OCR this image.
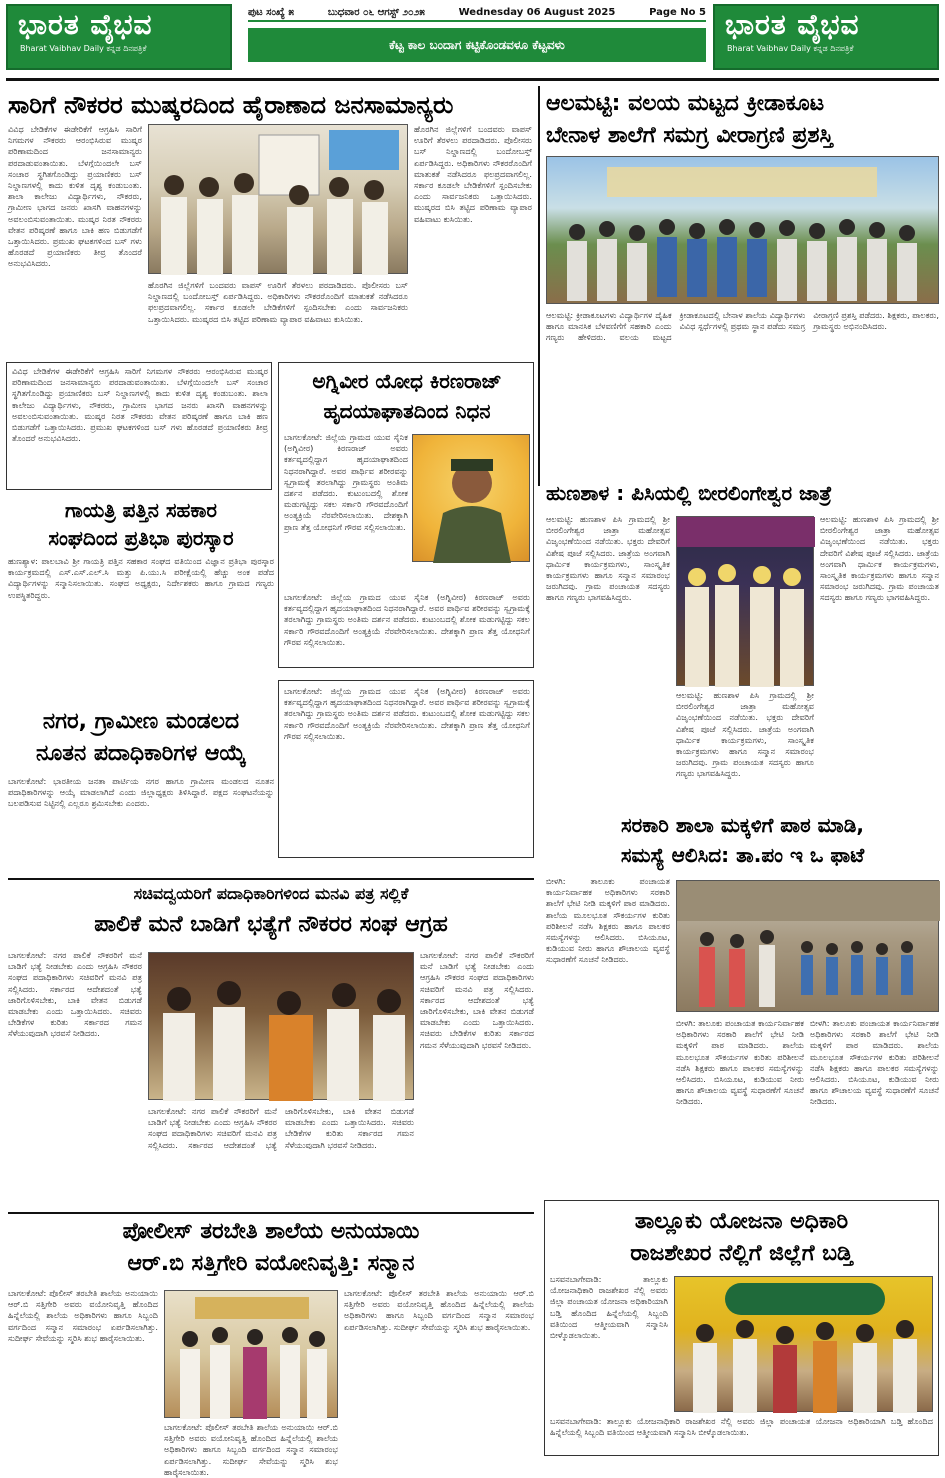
ಭಾರತ ವೈಭವ
Bharat Vaibhav Daily ಕನ್ನಡ ದಿನಪತ್ರಿಕೆ
ಪುಟ ಸಂಖ್ಯೆ ೫	ಬುಧವಾರ ೦೬ ಆಗಸ್ಟ್ ೨೦೨೫	Wednesday 06 August 2025	Page No 5
ಕೆಟ್ಟ ಕಾಲ ಬಂದಾಗ ಕಟ್ಟಿಕೊಂಡವಳೂ ಕೆಟ್ಟವಳು
ಭಾರತ ವೈಭವ
Bharat Vaibhav Daily ಕನ್ನಡ ದಿನಪತ್ರಿಕೆ
ಸಾರಿಗೆ ನೌಕರರ ಮುಷ್ಕರದಿಂದ ಹೈರಾಣಾದ ಜನಸಾಮಾನ್ಯರು
ವಿವಿಧ ಬೇಡಿಕೆಗಳ ಈಡೇರಿಕೆಗೆ ಆಗ್ರಹಿಸಿ ಸಾರಿಗೆ ನಿಗಮಗಳ ನೌಕರರು ಆರಂಭಿಸಿರುವ ಮುಷ್ಕರ ಪರಿಣಾಮದಿಂದ ಜನಸಾಮಾನ್ಯರು ಪರದಾಡುವಂತಾಯಿತು. ಬೆಳಗ್ಗೆಯಿಂದಲೇ ಬಸ್ ಸಂಚಾರ ಸ್ಥಗಿತಗೊಂಡಿದ್ದು ಪ್ರಯಾಣಿಕರು ಬಸ್ ನಿಲ್ದಾಣಗಳಲ್ಲಿ ಕಾದು ಕುಳಿತ ದೃಶ್ಯ ಕಂಡುಬಂತು. ಶಾಲಾ ಕಾಲೇಜು ವಿದ್ಯಾರ್ಥಿಗಳು, ನೌಕರರು, ಗ್ರಾಮೀಣ ಭಾಗದ ಜನರು ಖಾಸಗಿ ವಾಹನಗಳನ್ನು ಅವಲಂಬಿಸುವಂತಾಯಿತು. ಮುಷ್ಕರ ನಿರತ ನೌಕರರು ವೇತನ ಪರಿಷ್ಕರಣೆ ಹಾಗೂ ಬಾಕಿ ಹಣ ಬಿಡುಗಡೆಗೆ ಒತ್ತಾಯಿಸಿದರು. ಪ್ರಮುಖ ಘಟಕಗಳಿಂದ ಬಸ್ ಗಳು ಹೊರಡದೆ ಪ್ರಯಾಣಿಕರು ತೀವ್ರ ತೊಂದರೆ ಅನುಭವಿಸಿದರು.
ಹೊರಗಿನ ಜಿಲ್ಲೆಗಳಿಗೆ ಬಂದವರು ವಾಪಸ್ ಊರಿಗೆ ತೆರಳಲು ಪರದಾಡಿದರು. ಪೊಲೀಸರು ಬಸ್ ನಿಲ್ದಾಣದಲ್ಲಿ ಬಂದೋಬಸ್ತ್ ಏರ್ಪಡಿಸಿದ್ದರು. ಅಧಿಕಾರಿಗಳು ನೌಕರರೊಂದಿಗೆ ಮಾತುಕತೆ ನಡೆಸಿದರೂ ಫಲಪ್ರದವಾಗಲಿಲ್ಲ. ಸರ್ಕಾರ ಕೂಡಲೇ ಬೇಡಿಕೆಗಳಿಗೆ ಸ್ಪಂದಿಸಬೇಕು ಎಂದು ಸಾರ್ವಜನಿಕರು ಒತ್ತಾಯಿಸಿದರು. ಮುಷ್ಕರದ ಬಿಸಿ ತಟ್ಟಿದ ಪರಿಣಾಮ ವ್ಯಾಪಾರ ವಹಿವಾಟು ಕುಸಿಯಿತು.
ಹೊರಗಿನ ಜಿಲ್ಲೆಗಳಿಗೆ ಬಂದವರು ವಾಪಸ್ ಊರಿಗೆ ತೆರಳಲು ಪರದಾಡಿದರು. ಪೊಲೀಸರು ಬಸ್ ನಿಲ್ದಾಣದಲ್ಲಿ ಬಂದೋಬಸ್ತ್ ಏರ್ಪಡಿಸಿದ್ದರು. ಅಧಿಕಾರಿಗಳು ನೌಕರರೊಂದಿಗೆ ಮಾತುಕತೆ ನಡೆಸಿದರೂ ಫಲಪ್ರದವಾಗಲಿಲ್ಲ. ಸರ್ಕಾರ ಕೂಡಲೇ ಬೇಡಿಕೆಗಳಿಗೆ ಸ್ಪಂದಿಸಬೇಕು ಎಂದು ಸಾರ್ವಜನಿಕರು ಒತ್ತಾಯಿಸಿದರು. ಮುಷ್ಕರದ ಬಿಸಿ ತಟ್ಟಿದ ಪರಿಣಾಮ ವ್ಯಾಪಾರ ವಹಿವಾಟು ಕುಸಿಯಿತು.
ಆಲಮಟ್ಟಿ: ವಲಯ ಮಟ್ಟದ ಕ್ರೀಡಾಕೂಟ
ಬೇನಾಳ ಶಾಲೆಗೆ ಸಮಗ್ರ ವೀರಾಗ್ರಣಿ ಪ್ರಶಸ್ತಿ
ಆಲಮಟ್ಟಿ: ಕ್ರೀಡಾಕೂಟಗಳು ವಿದ್ಯಾರ್ಥಿಗಳ ದೈಹಿಕ ಹಾಗೂ ಮಾನಸಿಕ ಬೆಳವಣಿಗೆಗೆ ಸಹಕಾರಿ ಎಂದು ಗಣ್ಯರು ಹೇಳಿದರು. ವಲಯ ಮಟ್ಟದ ಕ್ರೀಡಾಕೂಟದಲ್ಲಿ ಬೇನಾಳ ಶಾಲೆಯ ವಿದ್ಯಾರ್ಥಿಗಳು ವಿವಿಧ ಸ್ಪರ್ಧೆಗಳಲ್ಲಿ ಪ್ರಥಮ ಸ್ಥಾನ ಪಡೆದು ಸಮಗ್ರ ವೀರಾಗ್ರಣಿ ಪ್ರಶಸ್ತಿ ಪಡೆದರು. ಶಿಕ್ಷಕರು, ಪಾಲಕರು, ಗ್ರಾಮಸ್ಥರು ಅಭಿನಂದಿಸಿದರು.
ಅಗ್ನಿವೀರ ಯೋಧ ಕಿರಣರಾಜ್
ಹೃದಯಾಘಾತದಿಂದ ನಿಧನ
ಬಾಗಲಕೋಟೆ: ಜಿಲ್ಲೆಯ ಗ್ರಾಮದ ಯುವ ಸೈನಿಕ (ಅಗ್ನಿವೀರ) ಕಿರಣರಾಜ್ ಅವರು ಕರ್ತವ್ಯದಲ್ಲಿದ್ದಾಗ ಹೃದಯಾಘಾತದಿಂದ ನಿಧನರಾಗಿದ್ದಾರೆ. ಅವರ ಪಾರ್ಥಿವ ಶರೀರವನ್ನು ಸ್ವಗ್ರಾಮಕ್ಕೆ ತರಲಾಗಿದ್ದು ಗ್ರಾಮಸ್ಥರು ಅಂತಿಮ ದರ್ಶನ ಪಡೆದರು. ಕುಟುಂಬದಲ್ಲಿ ಶೋಕ ಮಡುಗಟ್ಟಿದ್ದು ಸಕಲ ಸರ್ಕಾರಿ ಗೌರವದೊಂದಿಗೆ ಅಂತ್ಯಕ್ರಿಯೆ ನೆರವೇರಿಸಲಾಯಿತು. ದೇಶಕ್ಕಾಗಿ ಪ್ರಾಣ ತೆತ್ತ ಯೋಧನಿಗೆ ಗೌರವ ಸಲ್ಲಿಸಲಾಯಿತು.
ಬಾಗಲಕೋಟೆ: ಜಿಲ್ಲೆಯ ಗ್ರಾಮದ ಯುವ ಸೈನಿಕ (ಅಗ್ನಿವೀರ) ಕಿರಣರಾಜ್ ಅವರು ಕರ್ತವ್ಯದಲ್ಲಿದ್ದಾಗ ಹೃದಯಾಘಾತದಿಂದ ನಿಧನರಾಗಿದ್ದಾರೆ. ಅವರ ಪಾರ್ಥಿವ ಶರೀರವನ್ನು ಸ್ವಗ್ರಾಮಕ್ಕೆ ತರಲಾಗಿದ್ದು ಗ್ರಾಮಸ್ಥರು ಅಂತಿಮ ದರ್ಶನ ಪಡೆದರು. ಕುಟುಂಬದಲ್ಲಿ ಶೋಕ ಮಡುಗಟ್ಟಿದ್ದು ಸಕಲ ಸರ್ಕಾರಿ ಗೌರವದೊಂದಿಗೆ ಅಂತ್ಯಕ್ರಿಯೆ ನೆರವೇರಿಸಲಾಯಿತು. ದೇಶಕ್ಕಾಗಿ ಪ್ರಾಣ ತೆತ್ತ ಯೋಧನಿಗೆ ಗೌರವ ಸಲ್ಲಿಸಲಾಯಿತು.
ವಿವಿಧ ಬೇಡಿಕೆಗಳ ಈಡೇರಿಕೆಗೆ ಆಗ್ರಹಿಸಿ ಸಾರಿಗೆ ನಿಗಮಗಳ ನೌಕರರು ಆರಂಭಿಸಿರುವ ಮುಷ್ಕರ ಪರಿಣಾಮದಿಂದ ಜನಸಾಮಾನ್ಯರು ಪರದಾಡುವಂತಾಯಿತು. ಬೆಳಗ್ಗೆಯಿಂದಲೇ ಬಸ್ ಸಂಚಾರ ಸ್ಥಗಿತಗೊಂಡಿದ್ದು ಪ್ರಯಾಣಿಕರು ಬಸ್ ನಿಲ್ದಾಣಗಳಲ್ಲಿ ಕಾದು ಕುಳಿತ ದೃಶ್ಯ ಕಂಡುಬಂತು. ಶಾಲಾ ಕಾಲೇಜು ವಿದ್ಯಾರ್ಥಿಗಳು, ನೌಕರರು, ಗ್ರಾಮೀಣ ಭಾಗದ ಜನರು ಖಾಸಗಿ ವಾಹನಗಳನ್ನು ಅವಲಂಬಿಸುವಂತಾಯಿತು. ಮುಷ್ಕರ ನಿರತ ನೌಕರರು ವೇತನ ಪರಿಷ್ಕರಣೆ ಹಾಗೂ ಬಾಕಿ ಹಣ ಬಿಡುಗಡೆಗೆ ಒತ್ತಾಯಿಸಿದರು. ಪ್ರಮುಖ ಘಟಕಗಳಿಂದ ಬಸ್ ಗಳು ಹೊರಡದೆ ಪ್ರಯಾಣಿಕರು ತೀವ್ರ ತೊಂದರೆ ಅನುಭವಿಸಿದರು.
ಗಾಯತ್ರಿ ಪತ್ತಿನ ಸಹಕಾರ
ಸಂಘದಿಂದ ಪ್ರತಿಭಾ ಪುರಸ್ಕಾರ
ಹುಣಶ್ಯಾಳ: ಪಾಲಬಾವಿ ಶ್ರೀ ಗಾಯತ್ರಿ ಪತ್ತಿನ ಸಹಕಾರ ಸಂಘದ ವತಿಯಿಂದ ವಿಜ್ಞಾನ ಪ್ರತಿಭಾ ಪುರಸ್ಕಾರ ಕಾರ್ಯಕ್ರಮದಲ್ಲಿ ಎಸ್.ಎಸ್.ಎಲ್.ಸಿ ಮತ್ತು ಪಿ.ಯು.ಸಿ ಪರೀಕ್ಷೆಯಲ್ಲಿ ಹೆಚ್ಚು ಅಂಕ ಪಡೆದ ವಿದ್ಯಾರ್ಥಿಗಳನ್ನು ಸನ್ಮಾನಿಸಲಾಯಿತು. ಸಂಘದ ಅಧ್ಯಕ್ಷರು, ನಿರ್ದೇಶಕರು ಹಾಗೂ ಗ್ರಾಮದ ಗಣ್ಯರು ಉಪಸ್ಥಿತರಿದ್ದರು.
ಹುಣಶಾಳ : ಪಿಸಿಯಲ್ಲಿ ಬೀರಲಿಂಗೇಶ್ವರ ಜಾತ್ರೆ
ಆಲಮಟ್ಟಿ: ಹುಣಶಾಳ ಪಿಸಿ ಗ್ರಾಮದಲ್ಲಿ ಶ್ರೀ ಬೀರಲಿಂಗೇಶ್ವರ ಜಾತ್ರಾ ಮಹೋತ್ಸವ ವಿಜೃಂಭಣೆಯಿಂದ ನಡೆಯಿತು. ಭಕ್ತರು ದೇವರಿಗೆ ವಿಶೇಷ ಪೂಜೆ ಸಲ್ಲಿಸಿದರು. ಜಾತ್ರೆಯ ಅಂಗವಾಗಿ ಧಾರ್ಮಿಕ ಕಾರ್ಯಕ್ರಮಗಳು, ಸಾಂಸ್ಕೃತಿಕ ಕಾರ್ಯಕ್ರಮಗಳು ಹಾಗೂ ಸನ್ಮಾನ ಸಮಾರಂಭ ಜರುಗಿದವು. ಗ್ರಾಮ ಪಂಚಾಯತ ಸದಸ್ಯರು ಹಾಗೂ ಗಣ್ಯರು ಭಾಗವಹಿಸಿದ್ದರು.
ಆಲಮಟ್ಟಿ: ಹುಣಶಾಳ ಪಿಸಿ ಗ್ರಾಮದಲ್ಲಿ ಶ್ರೀ ಬೀರಲಿಂಗೇಶ್ವರ ಜಾತ್ರಾ ಮಹೋತ್ಸವ ವಿಜೃಂಭಣೆಯಿಂದ ನಡೆಯಿತು. ಭಕ್ತರು ದೇವರಿಗೆ ವಿಶೇಷ ಪೂಜೆ ಸಲ್ಲಿಸಿದರು. ಜಾತ್ರೆಯ ಅಂಗವಾಗಿ ಧಾರ್ಮಿಕ ಕಾರ್ಯಕ್ರಮಗಳು, ಸಾಂಸ್ಕೃತಿಕ ಕಾರ್ಯಕ್ರಮಗಳು ಹಾಗೂ ಸನ್ಮಾನ ಸಮಾರಂಭ ಜರುಗಿದವು. ಗ್ರಾಮ ಪಂಚಾಯತ ಸದಸ್ಯರು ಹಾಗೂ ಗಣ್ಯರು ಭಾಗವಹಿಸಿದ್ದರು.
ಆಲಮಟ್ಟಿ: ಹುಣಶಾಳ ಪಿಸಿ ಗ್ರಾಮದಲ್ಲಿ ಶ್ರೀ ಬೀರಲಿಂಗೇಶ್ವರ ಜಾತ್ರಾ ಮಹೋತ್ಸವ ವಿಜೃಂಭಣೆಯಿಂದ ನಡೆಯಿತು. ಭಕ್ತರು ದೇವರಿಗೆ ವಿಶೇಷ ಪೂಜೆ ಸಲ್ಲಿಸಿದರು. ಜಾತ್ರೆಯ ಅಂಗವಾಗಿ ಧಾರ್ಮಿಕ ಕಾರ್ಯಕ್ರಮಗಳು, ಸಾಂಸ್ಕೃತಿಕ ಕಾರ್ಯಕ್ರಮಗಳು ಹಾಗೂ ಸನ್ಮಾನ ಸಮಾರಂಭ ಜರುಗಿದವು. ಗ್ರಾಮ ಪಂಚಾಯತ ಸದಸ್ಯರು ಹಾಗೂ ಗಣ್ಯರು ಭಾಗವಹಿಸಿದ್ದರು.
ಬಾಗಲಕೋಟೆ: ಜಿಲ್ಲೆಯ ಗ್ರಾಮದ ಯುವ ಸೈನಿಕ (ಅಗ್ನಿವೀರ) ಕಿರಣರಾಜ್ ಅವರು ಕರ್ತವ್ಯದಲ್ಲಿದ್ದಾಗ ಹೃದಯಾಘಾತದಿಂದ ನಿಧನರಾಗಿದ್ದಾರೆ. ಅವರ ಪಾರ್ಥಿವ ಶರೀರವನ್ನು ಸ್ವಗ್ರಾಮಕ್ಕೆ ತರಲಾಗಿದ್ದು ಗ್ರಾಮಸ್ಥರು ಅಂತಿಮ ದರ್ಶನ ಪಡೆದರು. ಕುಟುಂಬದಲ್ಲಿ ಶೋಕ ಮಡುಗಟ್ಟಿದ್ದು ಸಕಲ ಸರ್ಕಾರಿ ಗೌರವದೊಂದಿಗೆ ಅಂತ್ಯಕ್ರಿಯೆ ನೆರವೇರಿಸಲಾಯಿತು. ದೇಶಕ್ಕಾಗಿ ಪ್ರಾಣ ತೆತ್ತ ಯೋಧನಿಗೆ ಗೌರವ ಸಲ್ಲಿಸಲಾಯಿತು.
ನಗರ, ಗ್ರಾಮೀಣ ಮಂಡಲದ
ನೂತನ ಪದಾಧಿಕಾರಿಗಳ ಆಯ್ಕೆ
ಬಾಗಲಕೋಟೆ: ಭಾರತೀಯ ಜನತಾ ಪಾರ್ಟಿಯ ನಗರ ಹಾಗೂ ಗ್ರಾಮೀಣ ಮಂಡಲದ ನೂತನ ಪದಾಧಿಕಾರಿಗಳನ್ನು ಆಯ್ಕೆ ಮಾಡಲಾಗಿದೆ ಎಂದು ಜಿಲ್ಲಾಧ್ಯಕ್ಷರು ತಿಳಿಸಿದ್ದಾರೆ. ಪಕ್ಷದ ಸಂಘಟನೆಯನ್ನು ಬಲಪಡಿಸುವ ನಿಟ್ಟಿನಲ್ಲಿ ಎಲ್ಲರೂ ಶ್ರಮಿಸಬೇಕು ಎಂದರು.
ಸರಕಾರಿ ಶಾಲಾ ಮಕ್ಕಳಿಗೆ ಪಾಠ ಮಾಡಿ,
ಸಮಸ್ಯೆ ಆಲಿಸಿದ: ತಾ.ಪಂ ಇ ಒ ಫಾಟೆ
ಬೀಳಗಿ: ತಾಲೂಕು ಪಂಚಾಯತ ಕಾರ್ಯನಿರ್ವಾಹಕ ಅಧಿಕಾರಿಗಳು ಸರಕಾರಿ ಶಾಲೆಗೆ ಭೇಟಿ ನೀಡಿ ಮಕ್ಕಳಿಗೆ ಪಾಠ ಮಾಡಿದರು. ಶಾಲೆಯ ಮೂಲಭೂತ ಸೌಕರ್ಯಗಳ ಕುರಿತು ಪರಿಶೀಲನೆ ನಡೆಸಿ ಶಿಕ್ಷಕರು ಹಾಗೂ ಪಾಲಕರ ಸಮಸ್ಯೆಗಳನ್ನು ಆಲಿಸಿದರು. ಬಿಸಿಯೂಟ, ಕುಡಿಯುವ ನೀರು ಹಾಗೂ ಶೌಚಾಲಯ ವ್ಯವಸ್ಥೆ ಸುಧಾರಣೆಗೆ ಸೂಚನೆ ನೀಡಿದರು.
ಬೀಳಗಿ: ತಾಲೂಕು ಪಂಚಾಯತ ಕಾರ್ಯನಿರ್ವಾಹಕ ಅಧಿಕಾರಿಗಳು ಸರಕಾರಿ ಶಾಲೆಗೆ ಭೇಟಿ ನೀಡಿ ಮಕ್ಕಳಿಗೆ ಪಾಠ ಮಾಡಿದರು. ಶಾಲೆಯ ಮೂಲಭೂತ ಸೌಕರ್ಯಗಳ ಕುರಿತು ಪರಿಶೀಲನೆ ನಡೆಸಿ ಶಿಕ್ಷಕರು ಹಾಗೂ ಪಾಲಕರ ಸಮಸ್ಯೆಗಳನ್ನು ಆಲಿಸಿದರು. ಬಿಸಿಯೂಟ, ಕುಡಿಯುವ ನೀರು ಹಾಗೂ ಶೌಚಾಲಯ ವ್ಯವಸ್ಥೆ ಸುಧಾರಣೆಗೆ ಸೂಚನೆ ನೀಡಿದರು.
ಬೀಳಗಿ: ತಾಲೂಕು ಪಂಚಾಯತ ಕಾರ್ಯನಿರ್ವಾಹಕ ಅಧಿಕಾರಿಗಳು ಸರಕಾರಿ ಶಾಲೆಗೆ ಭೇಟಿ ನೀಡಿ ಮಕ್ಕಳಿಗೆ ಪಾಠ ಮಾಡಿದರು. ಶಾಲೆಯ ಮೂಲಭೂತ ಸೌಕರ್ಯಗಳ ಕುರಿತು ಪರಿಶೀಲನೆ ನಡೆಸಿ ಶಿಕ್ಷಕರು ಹಾಗೂ ಪಾಲಕರ ಸಮಸ್ಯೆಗಳನ್ನು ಆಲಿಸಿದರು. ಬಿಸಿಯೂಟ, ಕುಡಿಯುವ ನೀರು ಹಾಗೂ ಶೌಚಾಲಯ ವ್ಯವಸ್ಥೆ ಸುಧಾರಣೆಗೆ ಸೂಚನೆ ನೀಡಿದರು.
ಸಚಿವದ್ವಯರಿಗೆ ಪದಾಧಿಕಾರಿಗಳಿಂದ ಮನವಿ ಪತ್ರ ಸಲ್ಲಿಕೆ
ಪಾಲಿಕೆ ಮನೆ ಬಾಡಿಗೆ ಭತ್ಯೆಗೆ ನೌಕರರ ಸಂಘ ಆಗ್ರಹ
ಬಾಗಲಕೋಟೆ: ನಗರ ಪಾಲಿಕೆ ನೌಕರರಿಗೆ ಮನೆ ಬಾಡಿಗೆ ಭತ್ಯೆ ನೀಡಬೇಕು ಎಂದು ಆಗ್ರಹಿಸಿ ನೌಕರರ ಸಂಘದ ಪದಾಧಿಕಾರಿಗಳು ಸಚಿವರಿಗೆ ಮನವಿ ಪತ್ರ ಸಲ್ಲಿಸಿದರು. ಸರ್ಕಾರದ ಆದೇಶದಂತೆ ಭತ್ಯೆ ಜಾರಿಗೊಳಿಸಬೇಕು, ಬಾಕಿ ವೇತನ ಬಿಡುಗಡೆ ಮಾಡಬೇಕು ಎಂದು ಒತ್ತಾಯಿಸಿದರು. ಸಚಿವರು ಬೇಡಿಕೆಗಳ ಕುರಿತು ಸರ್ಕಾರದ ಗಮನ ಸೆಳೆಯುವುದಾಗಿ ಭರವಸೆ ನೀಡಿದರು.
ಬಾಗಲಕೋಟೆ: ನಗರ ಪಾಲಿಕೆ ನೌಕರರಿಗೆ ಮನೆ ಬಾಡಿಗೆ ಭತ್ಯೆ ನೀಡಬೇಕು ಎಂದು ಆಗ್ರಹಿಸಿ ನೌಕರರ ಸಂಘದ ಪದಾಧಿಕಾರಿಗಳು ಸಚಿವರಿಗೆ ಮನವಿ ಪತ್ರ ಸಲ್ಲಿಸಿದರು. ಸರ್ಕಾರದ ಆದೇಶದಂತೆ ಭತ್ಯೆ ಜಾರಿಗೊಳಿಸಬೇಕು, ಬಾಕಿ ವೇತನ ಬಿಡುಗಡೆ ಮಾಡಬೇಕು ಎಂದು ಒತ್ತಾಯಿಸಿದರು. ಸಚಿವರು ಬೇಡಿಕೆಗಳ ಕುರಿತು ಸರ್ಕಾರದ ಗಮನ ಸೆಳೆಯುವುದಾಗಿ ಭರವಸೆ ನೀಡಿದರು.
ಬಾಗಲಕೋಟೆ: ನಗರ ಪಾಲಿಕೆ ನೌಕರರಿಗೆ ಮನೆ ಬಾಡಿಗೆ ಭತ್ಯೆ ನೀಡಬೇಕು ಎಂದು ಆಗ್ರಹಿಸಿ ನೌಕರರ ಸಂಘದ ಪದಾಧಿಕಾರಿಗಳು ಸಚಿವರಿಗೆ ಮನವಿ ಪತ್ರ ಸಲ್ಲಿಸಿದರು. ಸರ್ಕಾರದ ಆದೇಶದಂತೆ ಭತ್ಯೆ ಜಾರಿಗೊಳಿಸಬೇಕು, ಬಾಕಿ ವೇತನ ಬಿಡುಗಡೆ ಮಾಡಬೇಕು ಎಂದು ಒತ್ತಾಯಿಸಿದರು. ಸಚಿವರು ಬೇಡಿಕೆಗಳ ಕುರಿತು ಸರ್ಕಾರದ ಗಮನ ಸೆಳೆಯುವುದಾಗಿ ಭರವಸೆ ನೀಡಿದರು.
ಪೋಲೀಸ್ ತರಬೇತಿ ಶಾಲೆಯ ಅನುಯಾಯಿ
ಆರ್.ಬಿ ಸತ್ತಿಗೇರಿ ವಯೋನಿವೃತ್ತಿ: ಸನ್ಮಾನ
ಬಾಗಲಕೋಟೆ: ಪೊಲೀಸ್ ತರಬೇತಿ ಶಾಲೆಯ ಅನುಯಾಯಿ ಆರ್.ಬಿ ಸತ್ತಿಗೇರಿ ಅವರು ವಯೋನಿವೃತ್ತಿ ಹೊಂದಿದ ಹಿನ್ನೆಲೆಯಲ್ಲಿ ಶಾಲೆಯ ಅಧಿಕಾರಿಗಳು ಹಾಗೂ ಸಿಬ್ಬಂದಿ ವರ್ಗದಿಂದ ಸನ್ಮಾನ ಸಮಾರಂಭ ಏರ್ಪಡಿಸಲಾಗಿತ್ತು. ಸುದೀರ್ಘ ಸೇವೆಯನ್ನು ಸ್ಮರಿಸಿ ಶುಭ ಹಾರೈಸಲಾಯಿತು.
ಬಾಗಲಕೋಟೆ: ಪೊಲೀಸ್ ತರಬೇತಿ ಶಾಲೆಯ ಅನುಯಾಯಿ ಆರ್.ಬಿ ಸತ್ತಿಗೇರಿ ಅವರು ವಯೋನಿವೃತ್ತಿ ಹೊಂದಿದ ಹಿನ್ನೆಲೆಯಲ್ಲಿ ಶಾಲೆಯ ಅಧಿಕಾರಿಗಳು ಹಾಗೂ ಸಿಬ್ಬಂದಿ ವರ್ಗದಿಂದ ಸನ್ಮಾನ ಸಮಾರಂಭ ಏರ್ಪಡಿಸಲಾಗಿತ್ತು. ಸುದೀರ್ಘ ಸೇವೆಯನ್ನು ಸ್ಮರಿಸಿ ಶುಭ ಹಾರೈಸಲಾಯಿತು.
ಬಾಗಲಕೋಟೆ: ಪೊಲೀಸ್ ತರಬೇತಿ ಶಾಲೆಯ ಅನುಯಾಯಿ ಆರ್.ಬಿ ಸತ್ತಿಗೇರಿ ಅವರು ವಯೋನಿವೃತ್ತಿ ಹೊಂದಿದ ಹಿನ್ನೆಲೆಯಲ್ಲಿ ಶಾಲೆಯ ಅಧಿಕಾರಿಗಳು ಹಾಗೂ ಸಿಬ್ಬಂದಿ ವರ್ಗದಿಂದ ಸನ್ಮಾನ ಸಮಾರಂಭ ಏರ್ಪಡಿಸಲಾಗಿತ್ತು. ಸುದೀರ್ಘ ಸೇವೆಯನ್ನು ಸ್ಮರಿಸಿ ಶುಭ ಹಾರೈಸಲಾಯಿತು.
ತಾಲ್ಲೂಕು ಯೋಜನಾ ಅಧಿಕಾರಿ
ರಾಜಶೇಖರ ನೆಲ್ಲಿಗೆ ಜಿಲ್ಲೆಗೆ ಬಡ್ತಿ
ಬಸವನಬಾಗೇವಾಡಿ: ತಾಲ್ಲೂಕು ಯೋಜನಾಧಿಕಾರಿ ರಾಜಶೇಖರ ನೆಲ್ಲಿ ಅವರು ಜಿಲ್ಲಾ ಪಂಚಾಯತ ಯೋಜನಾ ಅಧಿಕಾರಿಯಾಗಿ ಬಡ್ತಿ ಹೊಂದಿದ ಹಿನ್ನೆಲೆಯಲ್ಲಿ ಸಿಬ್ಬಂದಿ ವತಿಯಿಂದ ಆತ್ಮೀಯವಾಗಿ ಸನ್ಮಾನಿಸಿ ಬೀಳ್ಕೊಡಲಾಯಿತು.
ಬಸವನಬಾಗೇವಾಡಿ: ತಾಲ್ಲೂಕು ಯೋಜನಾಧಿಕಾರಿ ರಾಜಶೇಖರ ನೆಲ್ಲಿ ಅವರು ಜಿಲ್ಲಾ ಪಂಚಾಯತ ಯೋಜನಾ ಅಧಿಕಾರಿಯಾಗಿ ಬಡ್ತಿ ಹೊಂದಿದ ಹಿನ್ನೆಲೆಯಲ್ಲಿ ಸಿಬ್ಬಂದಿ ವತಿಯಿಂದ ಆತ್ಮೀಯವಾಗಿ ಸನ್ಮಾನಿಸಿ ಬೀಳ್ಕೊಡಲಾಯಿತು.
